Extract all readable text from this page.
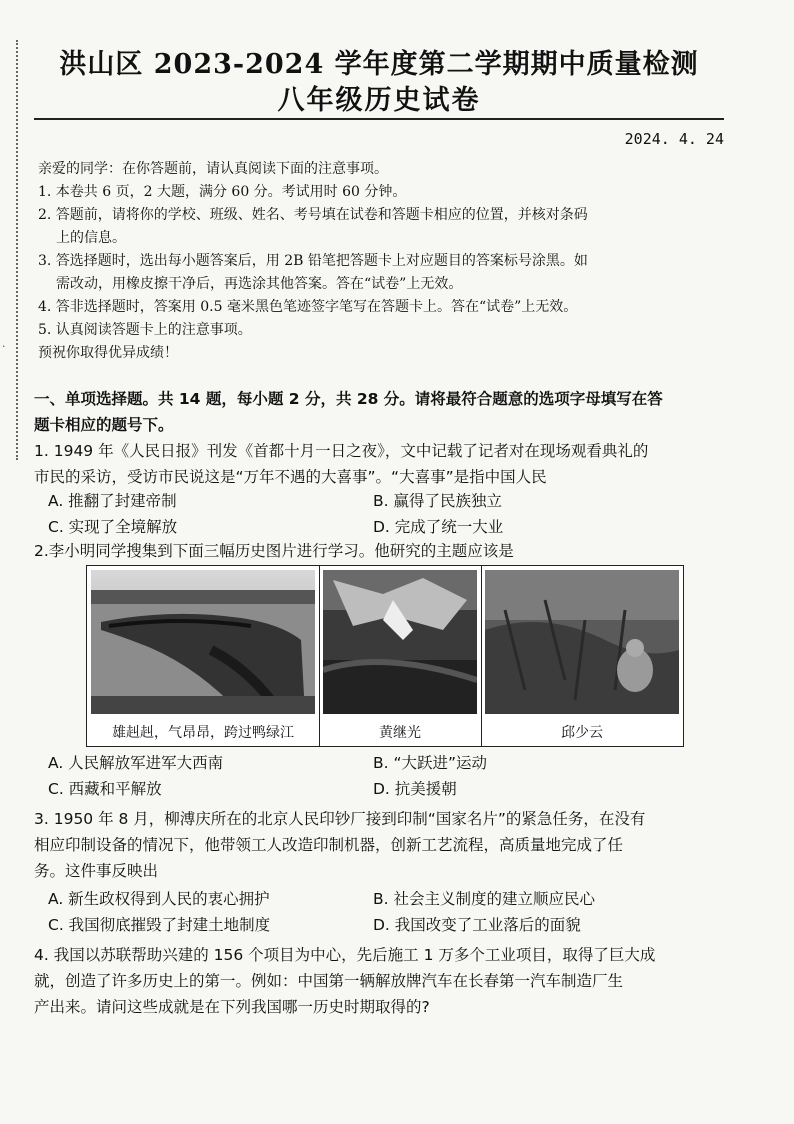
·
洪山区 2023-2024 学年度第二学期期中质量检测
八年级历史试卷
2024. 4. 24
亲爱的同学：在你答题前，请认真阅读下面的注意事项。
1. 本卷共 6 页，2 大题，满分 60 分。考试用时 60 分钟。
2. 答题前，请将你的学校、班级、姓名、考号填在试卷和答题卡相应的位置，并核对条码
上的信息。
3. 答选择题时，选出每小题答案后，用 2B 铅笔把答题卡上对应题目的答案标号涂黑。如
需改动，用橡皮擦干净后，再选涂其他答案。答在“试卷”上无效。
4. 答非选择题时，答案用 0.5 毫米黑色笔迹签字笔写在答题卡上。答在“试卷”上无效。
5. 认真阅读答题卡上的注意事项。
预祝你取得优异成绩！
一、单项选择题。共 14 题，每小题 2 分，共 28 分。请将最符合题意的选项字母填写在答
题卡相应的题号下。
1. 1949 年《人民日报》刊发《首都十月一日之夜》，文中记载了记者对在现场观看典礼的
市民的采访，受访市民说这是“万年不遇的大喜事”。“大喜事”是指中国人民
A. 推翻了封建帝制	B. 赢得了民族独立
C. 实现了全境解放	D. 完成了统一大业
2.李小明同学搜集到下面三幅历史图片进行学习。他研究的主题应该是
雄赳赳，气昂昂，跨过鸭绿江	黄继光	邱少云
A. 人民解放军进军大西南	B. “大跃进”运动
C. 西藏和平解放	D. 抗美援朝
3. 1950 年 8 月，柳溥庆所在的北京人民印钞厂接到印制“国家名片”的紧急任务，在没有
相应印制设备的情况下，他带领工人改造印制机器，创新工艺流程，高质量地完成了任
务。这件事反映出
A. 新生政权得到人民的衷心拥护	B. 社会主义制度的建立顺应民心
C. 我国彻底摧毁了封建土地制度	D. 我国改变了工业落后的面貌
4. 我国以苏联帮助兴建的 156 个项目为中心，先后施工 1 万多个工业项目，取得了巨大成
就，创造了许多历史上的第一。例如：中国第一辆解放牌汽车在长春第一汽车制造厂生
产出来。请问这些成就是在下列我国哪一历史时期取得的?
